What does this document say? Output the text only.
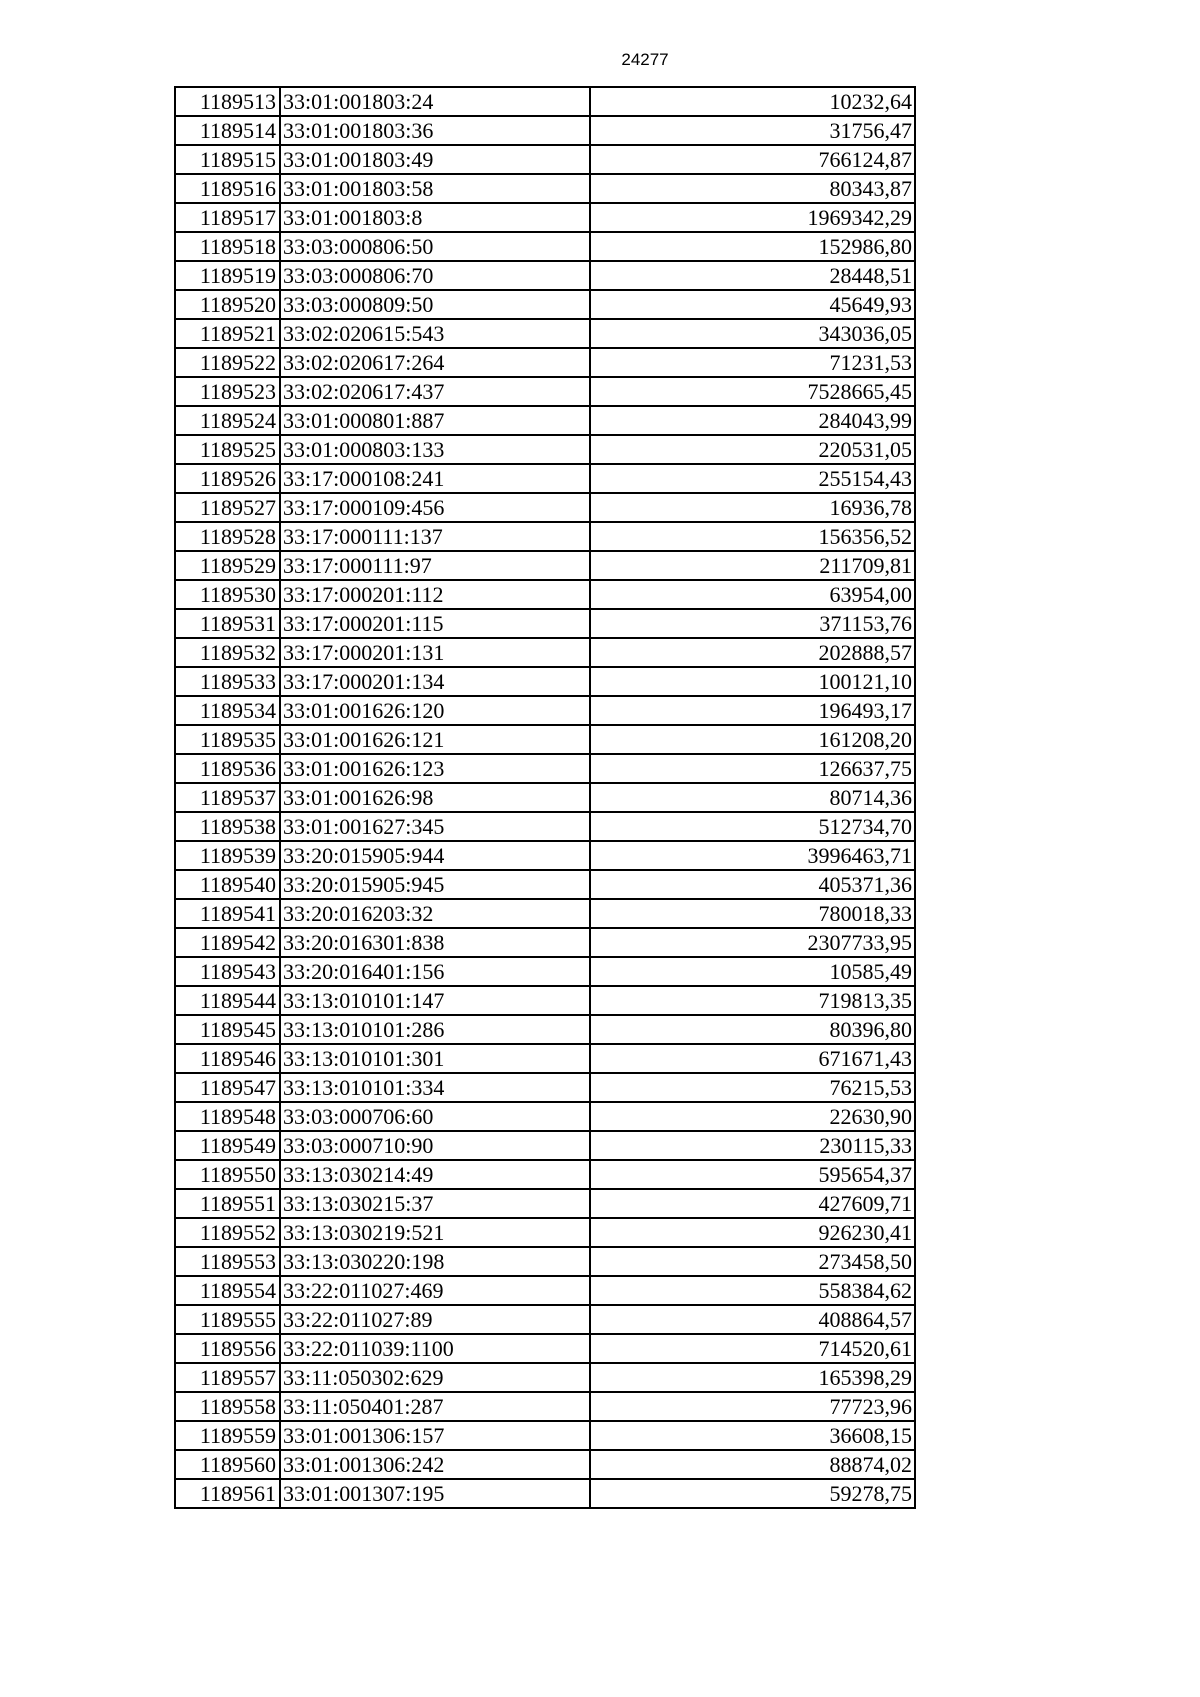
24277
1189513	33:01:001803:24	10232,64
1189514	33:01:001803:36	31756,47
1189515	33:01:001803:49	766124,87
1189516	33:01:001803:58	80343,87
1189517	33:01:001803:8	1969342,29
1189518	33:03:000806:50	152986,80
1189519	33:03:000806:70	28448,51
1189520	33:03:000809:50	45649,93
1189521	33:02:020615:543	343036,05
1189522	33:02:020617:264	71231,53
1189523	33:02:020617:437	7528665,45
1189524	33:01:000801:887	284043,99
1189525	33:01:000803:133	220531,05
1189526	33:17:000108:241	255154,43
1189527	33:17:000109:456	16936,78
1189528	33:17:000111:137	156356,52
1189529	33:17:000111:97	211709,81
1189530	33:17:000201:112	63954,00
1189531	33:17:000201:115	371153,76
1189532	33:17:000201:131	202888,57
1189533	33:17:000201:134	100121,10
1189534	33:01:001626:120	196493,17
1189535	33:01:001626:121	161208,20
1189536	33:01:001626:123	126637,75
1189537	33:01:001626:98	80714,36
1189538	33:01:001627:345	512734,70
1189539	33:20:015905:944	3996463,71
1189540	33:20:015905:945	405371,36
1189541	33:20:016203:32	780018,33
1189542	33:20:016301:838	2307733,95
1189543	33:20:016401:156	10585,49
1189544	33:13:010101:147	719813,35
1189545	33:13:010101:286	80396,80
1189546	33:13:010101:301	671671,43
1189547	33:13:010101:334	76215,53
1189548	33:03:000706:60	22630,90
1189549	33:03:000710:90	230115,33
1189550	33:13:030214:49	595654,37
1189551	33:13:030215:37	427609,71
1189552	33:13:030219:521	926230,41
1189553	33:13:030220:198	273458,50
1189554	33:22:011027:469	558384,62
1189555	33:22:011027:89	408864,57
1189556	33:22:011039:1100	714520,61
1189557	33:11:050302:629	165398,29
1189558	33:11:050401:287	77723,96
1189559	33:01:001306:157	36608,15
1189560	33:01:001306:242	88874,02
1189561	33:01:001307:195	59278,75
